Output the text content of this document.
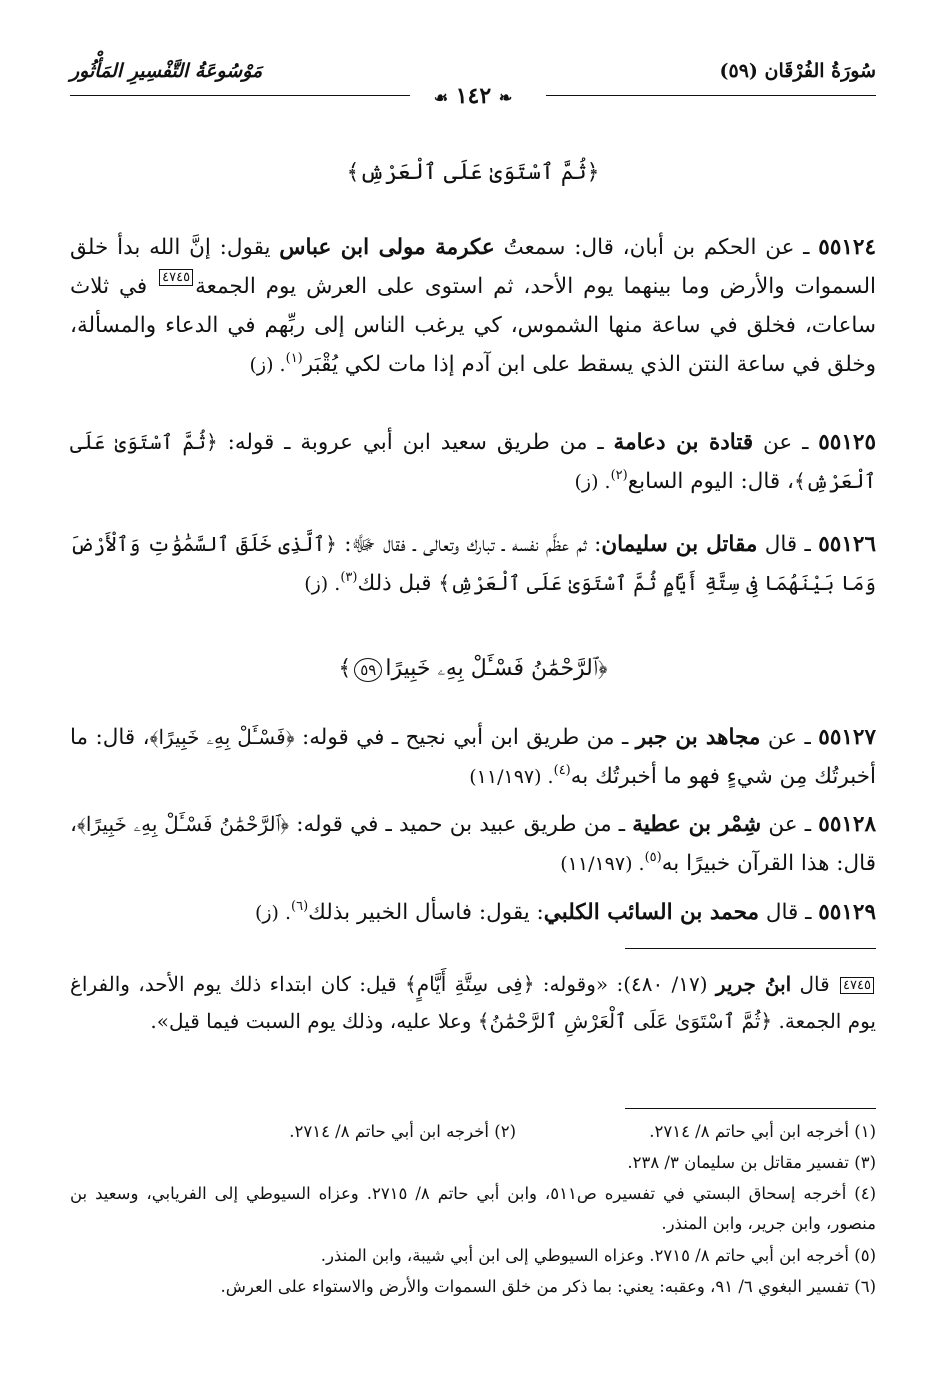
سُورَةُ الفُرْقَان (٥٩)
مَوْسُوعَةُ التَّفْسِيرِ المَأْثُور
❧ ١٤٢ ☙
﴿ثُمَّ ٱسْتَوَىٰ عَلَى ٱلْعَرْشِ﴾
٥٥١٢٤ ـ عن الحكم بن أبان، قال: سمعتُ عكرمة مولى ابن عباس يقول: إنَّ الله بدأ خلق السموات والأرض وما بينهما يوم الأحد، ثم استوى على العرش يوم الجمعة٤٧٤٥ في ثلاث ساعات، فخلق في ساعة منها الشموس، كي يرغب الناس إلى ربِّهم في الدعاء والمسألة، وخلق في ساعة النتن الذي يسقط على ابن آدم إذا مات لكي يُقْبَر$^{(١)}$. (ز)
٥٥١٢٥ ـ عن قتادة بن دعامة ـ من طريق سعيد ابن أبي عروبة ـ قوله: ﴿ثُمَّ ٱسْتَوَىٰ عَلَى ٱلْعَرْشِ﴾، قال: اليوم السابع$^{(٢)}$. (ز)
٥٥١٢٦ ـ قال مقاتل بن سليمان: ثم عظَّم نفسه ـ تبارك وتعالى ـ فقال ﷻ: ﴿ٱلَّذِى خَلَقَ ٱلسَّمَٰوَٰتِ وَٱلْأَرْضَ وَمَا بَيْنَهُمَا فِى سِتَّةِ أَيَّامٍ ثُمَّ ٱسْتَوَىٰ عَلَى ٱلْعَرْشِ﴾ قبل ذلك$^{(٣)}$. (ز)
﴿ٱلرَّحْمَٰنُ فَسْـَٔلْ بِهِۦ خَبِيرًا٥٩﴾
٥٥١٢٧ ـ عن مجاهد بن جبر ـ من طريق ابن أبي نجيح ـ في قوله: ﴿فَسْـَٔلْ بِهِۦ خَبِيرًا﴾، قال: ما أخبرتُك مِن شيءٍ فهو ما أخبرتُك به$^{(٤)}$. (١١/١٩٧)
٥٥١٢٨ ـ عن شِمْر بن عطية ـ من طريق عبيد بن حميد ـ في قوله: ﴿ٱلرَّحْمَٰنُ فَسْـَٔلْ بِهِۦ خَبِيرًا﴾، قال: هذا القرآن خبيرًا به$^{(٥)}$. (١١/١٩٧)
٥٥١٢٩ ـ قال محمد بن السائب الكلبي: يقول: فاسأل الخبير بذلك$^{(٦)}$. (ز)
٤٧٤٥ قال ابنُ جرير (١٧/ ٤٨٠): «وقوله: ﴿فِى سِتَّةِ أَيَّامٍ﴾ قيل: كان ابتداء ذلك يوم الأحد، والفراغ يوم الجمعة. ﴿ثُمَّ ٱسْتَوَىٰ عَلَى ٱلْعَرْشِ ٱلرَّحْمَٰنُ﴾ وعلا عليه، وذلك يوم السبت فيما قيل».
(١) أخرجه ابن أبي حاتم ٨/ ٢٧١٤.
(٢) أخرجه ابن أبي حاتم ٨/ ٢٧١٤.
(٣) تفسير مقاتل بن سليمان ٣/ ٢٣٨.
(٤) أخرجه إسحاق البستي في تفسيره ص٥١١، وابن أبي حاتم ٨/ ٢٧١٥. وعزاه السيوطي إلى الفريابي، وسعيد بن منصور، وابن جرير، وابن المنذر.
(٥) أخرجه ابن أبي حاتم ٨/ ٢٧١٥. وعزاه السيوطي إلى ابن أبي شيبة، وابن المنذر.
(٦) تفسير البغوي ٦/ ٩١، وعقبه: يعني: بما ذكر من خلق السموات والأرض والاستواء على العرش.
